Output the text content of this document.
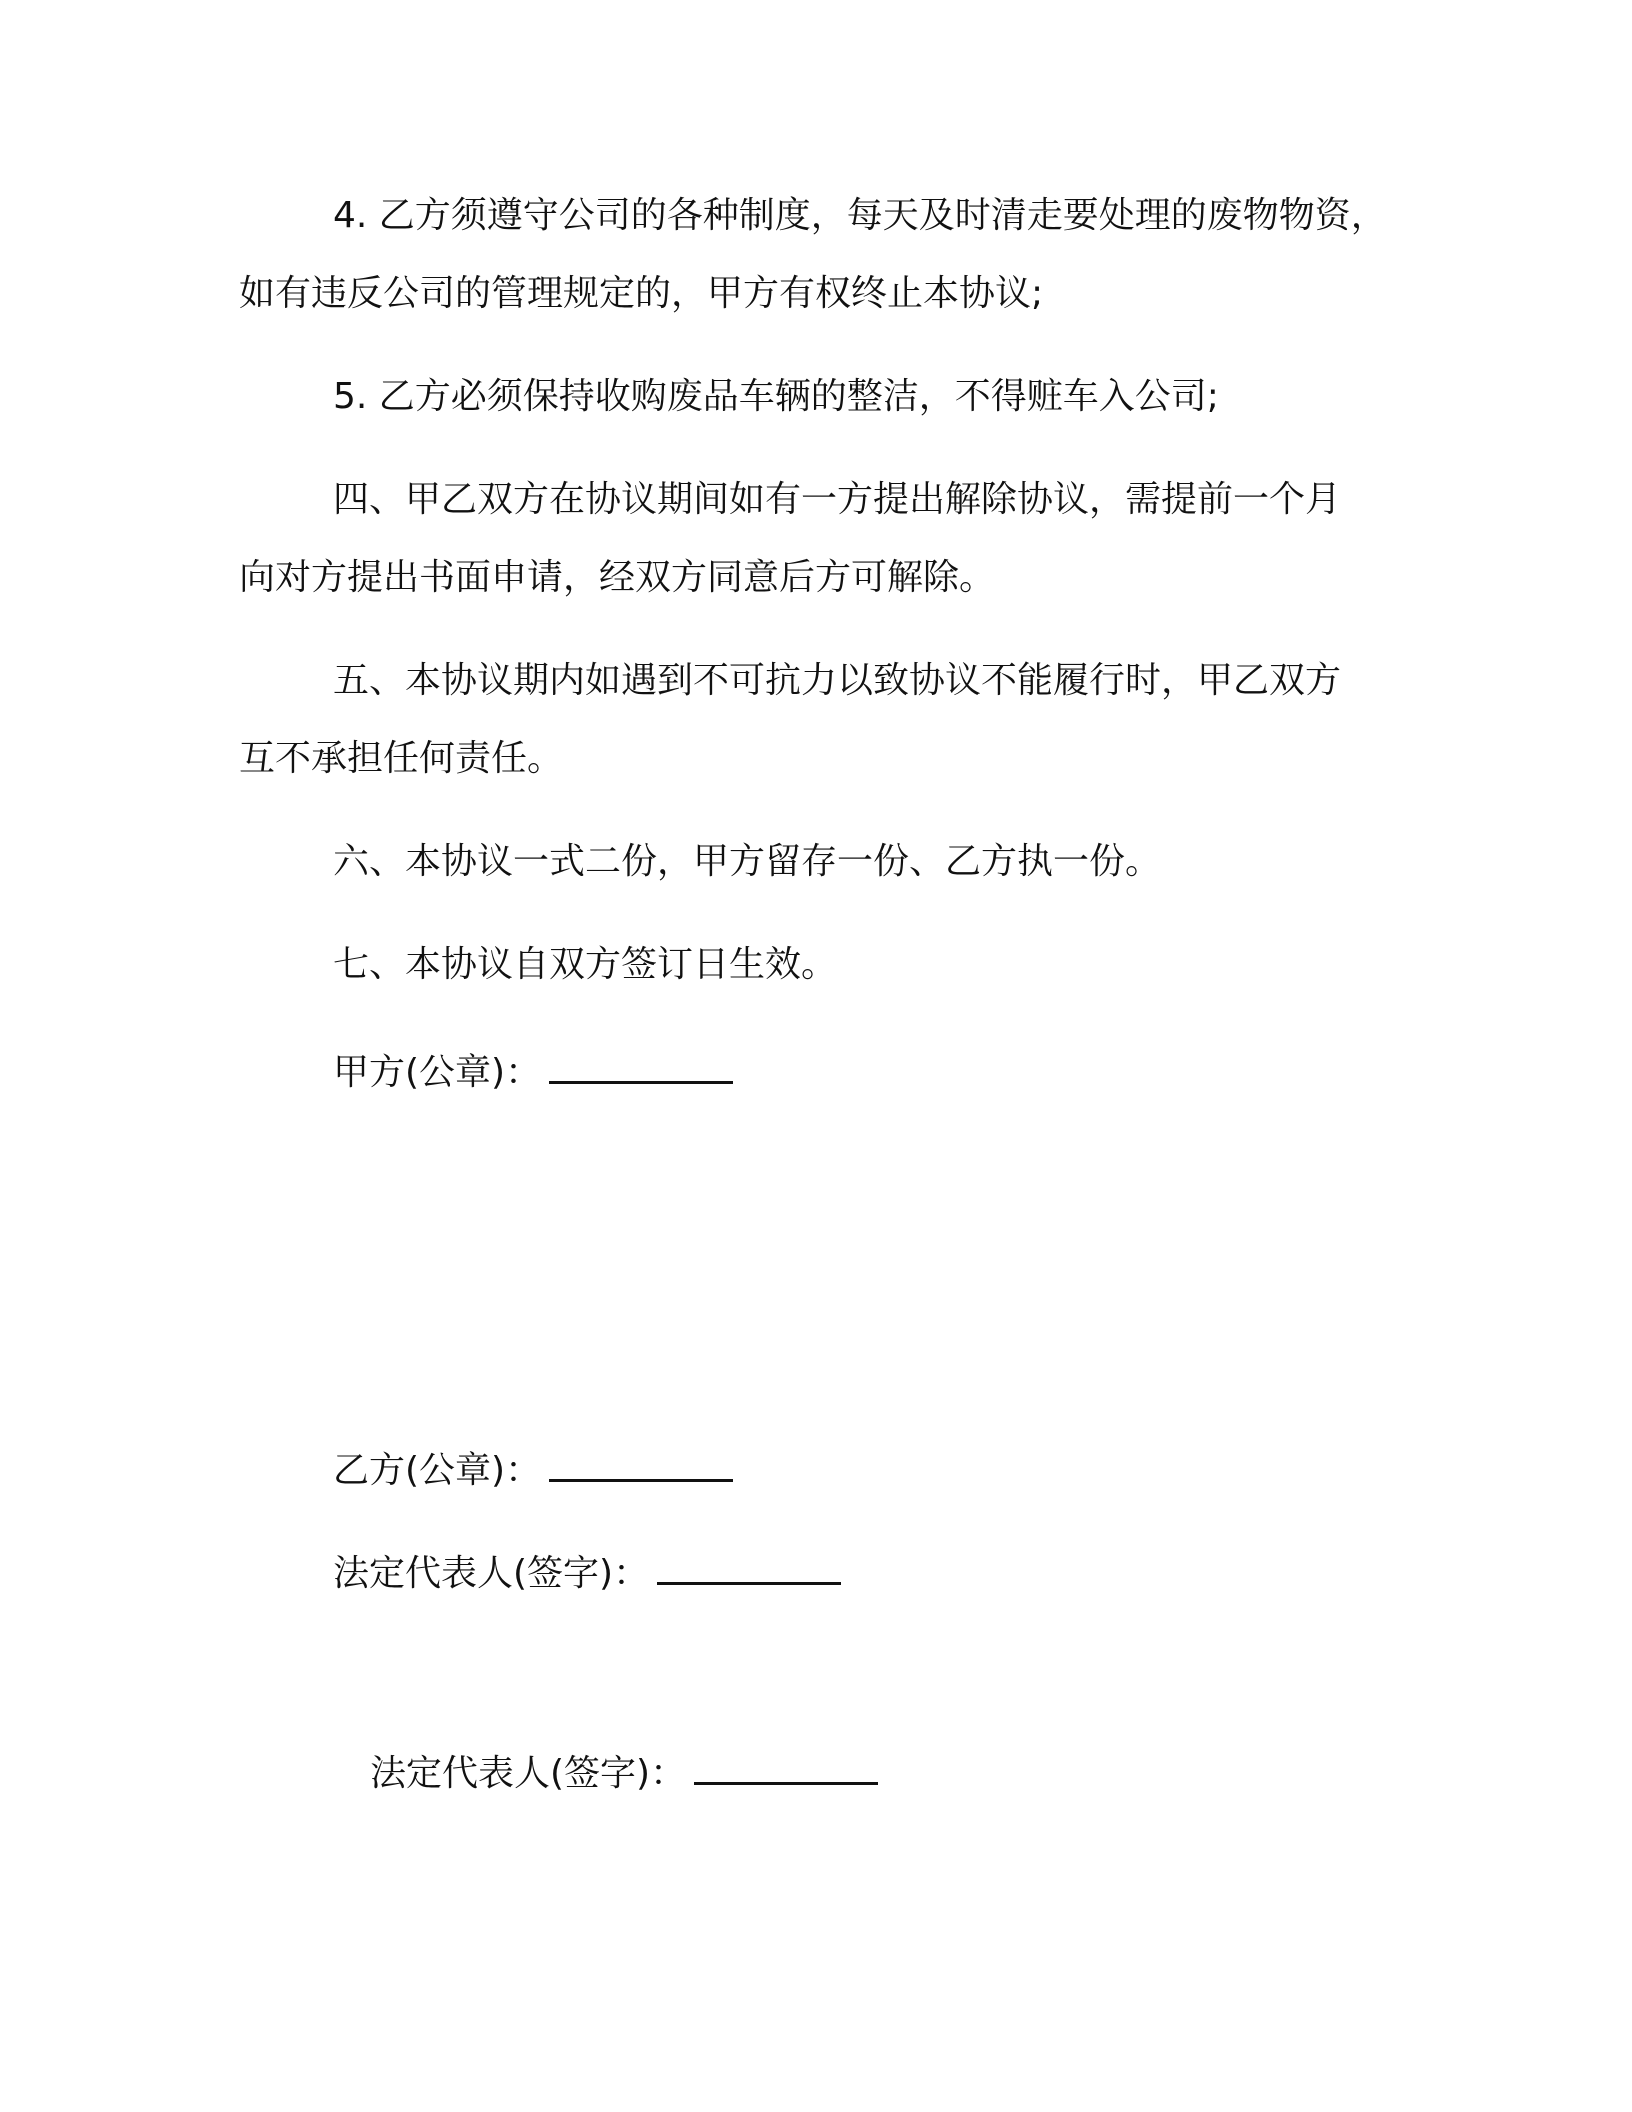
4. 乙方须遵守公司的各种制度，每天及时清走要处理的废物物资，
如有违反公司的管理规定的，甲方有权终止本协议;
5. 乙方必须保持收购废品车辆的整洁，不得赃车入公司;
四、甲乙双方在协议期间如有一方提出解除协议，需提前一个月
向对方提出书面申请，经双方同意后方可解除。
五、本协议期内如遇到不可抗力以致协议不能履行时，甲乙双方
互不承担任何责任。
六、本协议一式二份，甲方留存一份、乙方执一份。
七、本协议自双方签订日生效。
甲方(公章)：
乙方(公章)：
法定代表人(签字)：
法定代表人(签字)：
